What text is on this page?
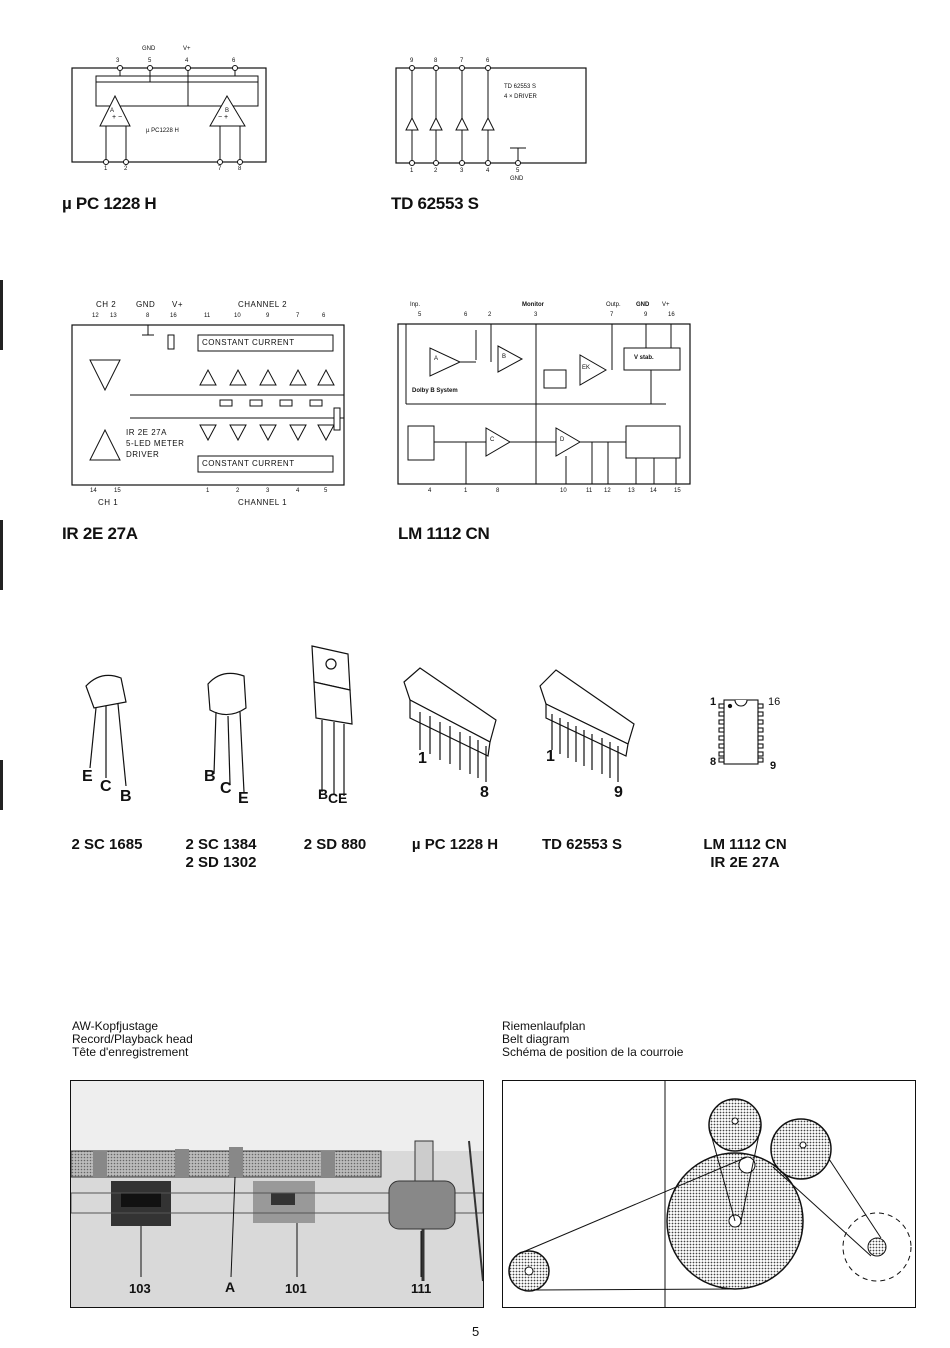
+ −	− +
GND	V+
3	5	4	6
1	2	7	8
A	B
µ PC1228 H
µ PC 1228 H
9	8	7	6
1	2	3	4	5
GND
TD 62553 S
4 × DRIVER
TD 62553 S
CH 2 GND V+	CHANNEL 2
CONSTANT CURRENT
CONSTANT CURRENT
IR 2E 27A
5-LED METER
DRIVER
CH 1	CHANNEL 1
12 13	8	16	11	10	9	7	6
14	15	1	2	3	4	5
IR 2E 27A
Inp.	Monitor	Outp.	GND V+
5	6	2	3	7	9	16
A	B
EK
C	D
V stab.
Dolby B System
4	1	8	10	11 12	13	14	15
LM 1112 CN
E
C
B
B
C
E	B C E
1
8
1
9
1	16
8	9
2 SC 1685	2 SC 1384
2 SD 1302
2 SD 880	µ PC 1228 H	TD 62553 S	LM 1112 CN
IR 2E 27A
AW-Kopfjustage
Record/Playback head
Tête d'enregistrement
Riemenlaufplan
Belt diagram
Schéma de position de la courroie
103	A	101	111
5
